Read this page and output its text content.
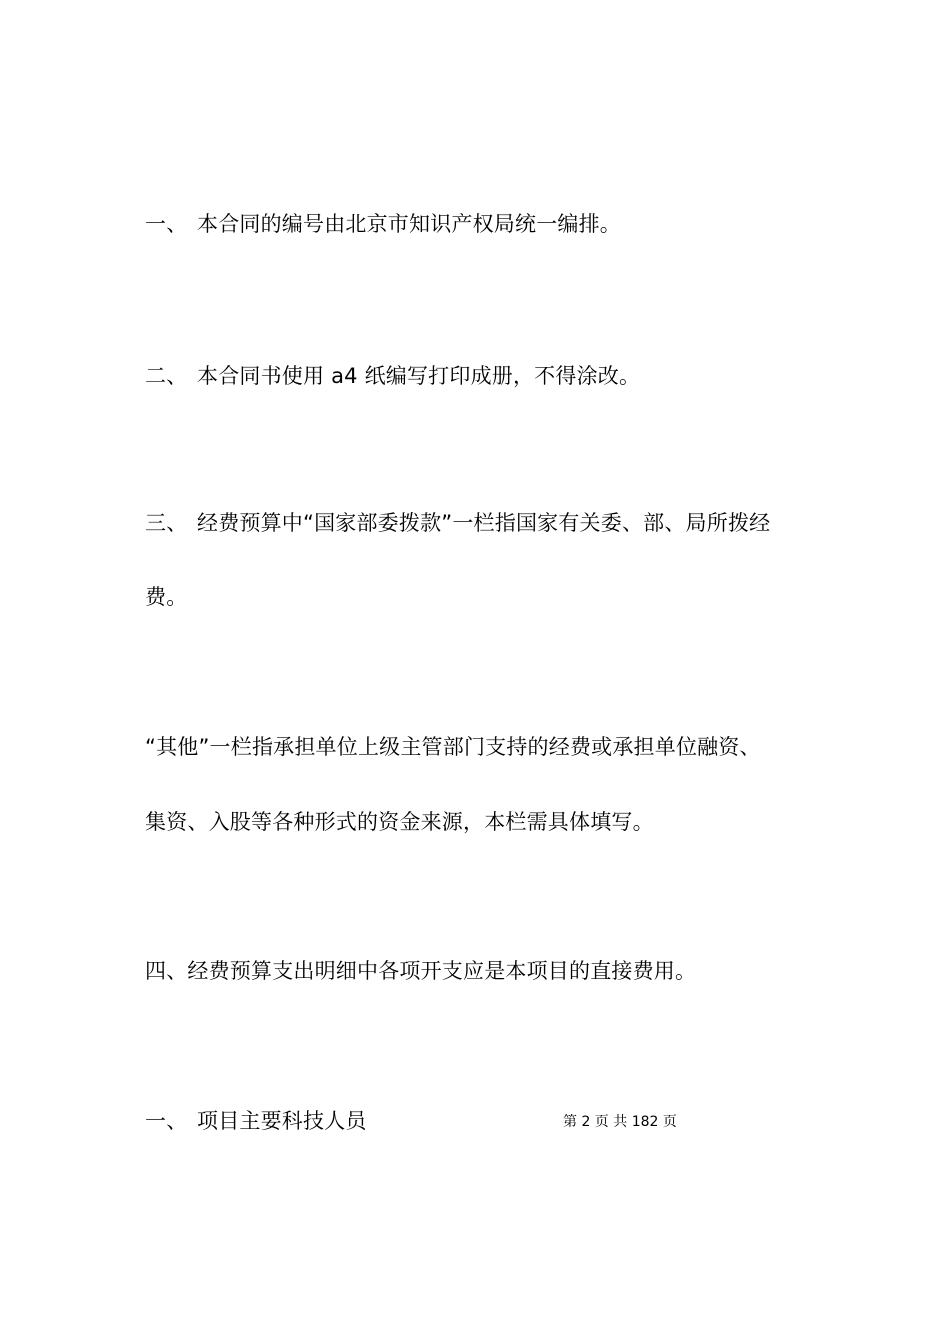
一、 本合同的编号由北京市知识产权局统一编排。
二、 本合同书使用 a4 纸编写打印成册，不得涂改。
三、 经费预算中“国家部委拨款”一栏指国家有关委、部、局所拨经
费。
“其他”一栏指承担单位上级主管部门支持的经费或承担单位融资、
集资、入股等各种形式的资金来源，本栏需具体填写。
四、经费预算支出明细中各项开支应是本项目的直接费用。
一、 项目主要科技人员	第 2 页 共 182 页
